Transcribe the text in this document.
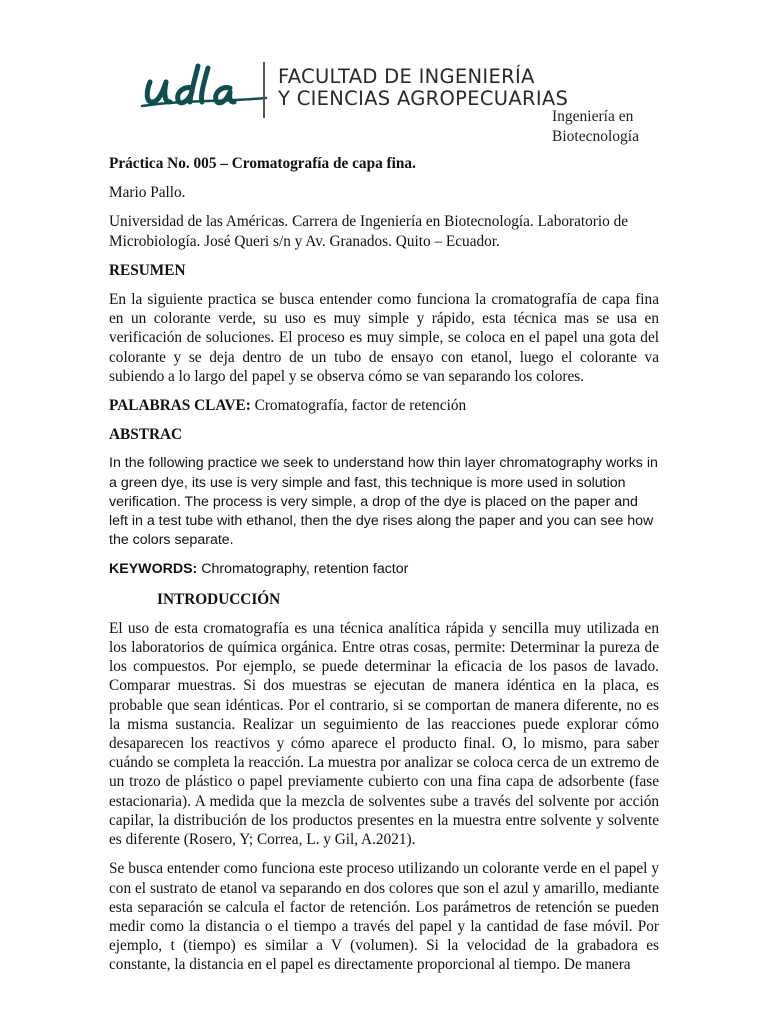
FACULTAD DE INGENIERÍA
Y CIENCIAS AGROPECUARIAS
Ingeniería en
Biotecnología

Práctica No. 005 – Cromatografía de capa fina.

Mario Pallo.

Universidad de las Américas. Carrera de Ingeniería en Biotecnología. Laboratorio de Microbiología. José Queri s/n y Av. Granados. Quito – Ecuador.

RESUMEN

En la siguiente practica se busca entender como funciona la cromatografía de capa fina en un colorante verde, su uso es muy simple y rápido, esta técnica mas se usa en verificación de soluciones. El proceso es muy simple, se coloca en el papel una gota del colorante y se deja dentro de un tubo de ensayo con etanol, luego el colorante va subiendo a lo largo del papel y se observa cómo se van separando los colores.

PALABRAS CLAVE: Cromatografía, factor de retención

ABSTRAC

In the following practice we seek to understand how thin layer chromatography works in a green dye, its use is very simple and fast, this technique is more used in solution verification. The process is very simple, a drop of the dye is placed on the paper and left in a test tube with ethanol, then the dye rises along the paper and you can see how the colors separate.

KEYWORDS: Chromatography, retention factor

INTRODUCCIÓN

El uso de esta cromatografía es una técnica analítica rápida y sencilla muy utilizada en los laboratorios de química orgánica. Entre otras cosas, permite: Determinar la pureza de los compuestos. Por ejemplo, se puede determinar la eficacia de los pasos de lavado. Comparar muestras. Si dos muestras se ejecutan de manera idéntica en la placa, es probable que sean idénticas. Por el contrario, si se comportan de manera diferente, no es la misma sustancia. Realizar un seguimiento de las reacciones puede explorar cómo desaparecen los reactivos y cómo aparece el producto final. O, lo mismo, para saber cuándo se completa la reacción. La muestra por analizar se coloca cerca de un extremo de un trozo de plástico o papel previamente cubierto con una fina capa de adsorbente (fase estacionaria). A medida que la mezcla de solventes sube a través del solvente por acción capilar, la distribución de los productos presentes en la muestra entre solvente y solvente es diferente (Rosero, Y; Correa, L. y Gil, A.2021).

Se busca entender como funciona este proceso utilizando un colorante verde en el papel y con el sustrato de etanol va separando en dos colores que son el azul y amarillo, mediante esta separación se calcula el factor de retención. Los parámetros de retención se pueden medir como la distancia o el tiempo a través del papel y la cantidad de fase móvil. Por ejemplo, t (tiempo) es similar a V (volumen). Si la velocidad de la grabadora es constante, la distancia en el papel es directamente proporcional al tiempo. De manera
